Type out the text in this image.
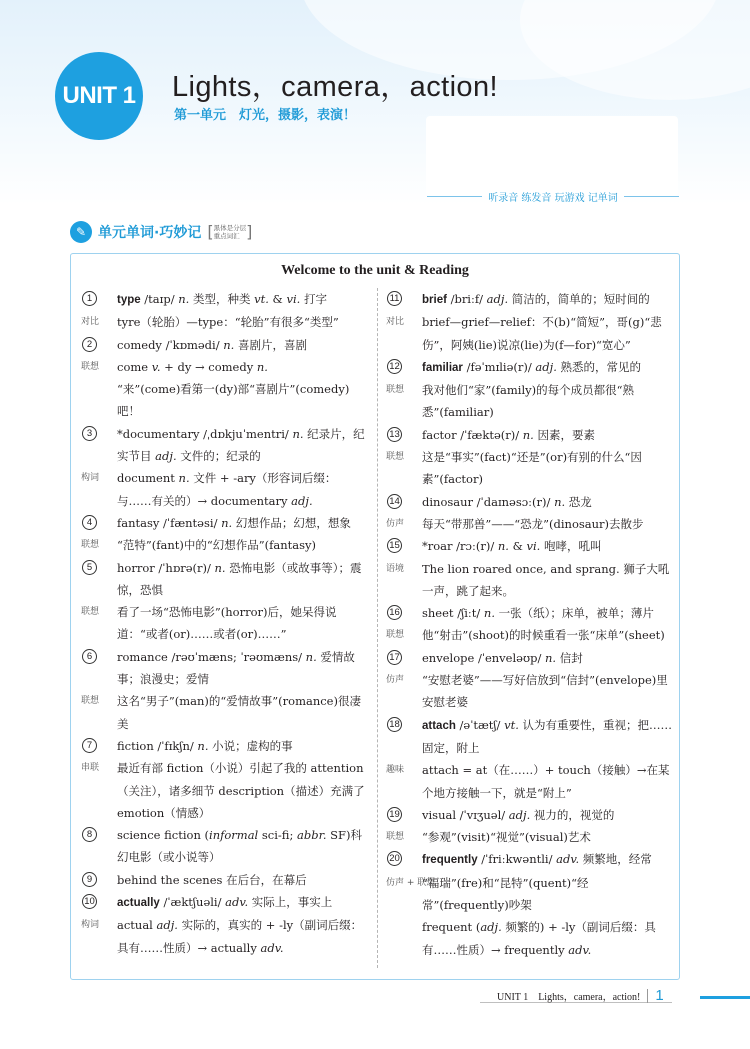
UNIT 1 Lights，camera，action!
第一单元　灯光，摄影，表演！
听录音 练发音 玩游戏 记单词
✎ 单元单词·巧妙记 [ 黑体是分层
重点词汇 ]
Welcome to the unit & Reading
1	type /taɪp/ n. 类型，种类 vt. & vi. 打字
对比 tyre（轮胎）—type：“轮胎”有很多“类型”
2	comedy /ˈkɒmədi/ n. 喜剧片，喜剧
联想 come v. + dy → comedy n.
“来”(come)看第一(dy)部“喜剧片”(comedy)吧！
3	*documentary /ˌdɒkjuˈmentri/ n. 纪录片，纪实节目 adj. 文件的；纪录的
构词 document n. 文件 + -ary（形容词后缀：与……有关的）→ documentary adj.
4	fantasy /ˈfæntəsi/ n. 幻想作品；幻想，想象
联想 “范特”(fant)中的“幻想作品”(fantasy)
5	horror /ˈhɒrə(r)/ n. 恐怖电影（或故事等）；震惊，恐惧
联想 看了一场“恐怖电影”(horror)后，她呆得说道：“或者(or)……或者(or)……”
6	romance /rəʊˈmæns; ˈrəʊmæns/ n. 爱情故事；浪漫史；爱情
联想 这名“男子”(man)的“爱情故事”(romance)很凄美
7	fiction /ˈfɪkʃn/ n. 小说；虚构的事
串联 最近有部 fiction（小说）引起了我的 attention（关注），诸多细节 description（描述）充满了 emotion（情感）
8	science fiction (informal sci-fi; abbr. SF)科幻电影（或小说等）
9	behind the scenes 在后台，在幕后
10 actually /ˈæktʃuəli/ adv. 实际上，事实上
构词 actual adj. 实际的，真实的 + -ly（副词后缀：具有……性质）→ actually adv.
11 brief /briːf/ adj. 简洁的，简单的；短时间的
对比 brief—grief—relief：不(b)“简短”，哥(g)“悲伤”，阿姨(lie)说凉(lie)为(f—for)“宽心”
12 familiar /fəˈmɪliə(r)/ adj. 熟悉的，常见的
联想 我对他们“家”(family)的每个成员都很“熟悉”(familiar)
13 factor /ˈfæktə(r)/ n. 因素，要素
联想 这是“事实”(fact)“还是”(or)有别的什么“因素”(factor)
14 dinosaur /ˈdaɪnəsɔː(r)/ n. 恐龙
仿声 每天“带那兽”——“恐龙”(dinosaur)去散步
15 *roar /rɔː(r)/ n. & vi. 咆哮，吼叫
语境 The lion roared once, and sprang. 狮子大吼一声，跳了起来。
16 sheet /ʃiːt/ n. 一张（纸）；床单，被单；薄片
联想 他“射击”(shoot)的时候重看一张“床单”(sheet)
17 envelope /ˈenveləʊp/ n. 信封
仿声 “安慰老婆”——写好信放到“信封”(envelope)里安慰老婆
18 attach /əˈtætʃ/ vt. 认为有重要性，重视；把……固定，附上
趣味 attach = at（在……）+ touch（接触）→在某个地方接触一下，就是“附上”
19 visual /ˈvɪʒuəl/ adj. 视力的，视觉的
联想 “参观”(visit)“视觉”(visual)艺术
20 frequently /ˈfriːkwəntli/ adv. 频繁地，经常
仿声 + 联想
“福瑞”(fre)和“昆特”(quent)“经常”(frequently)吵架
frequent (adj. 频繁的) + -ly（副词后缀：具有……性质）→ frequently adv.
UNIT 1　Lights，camera，action! 1
